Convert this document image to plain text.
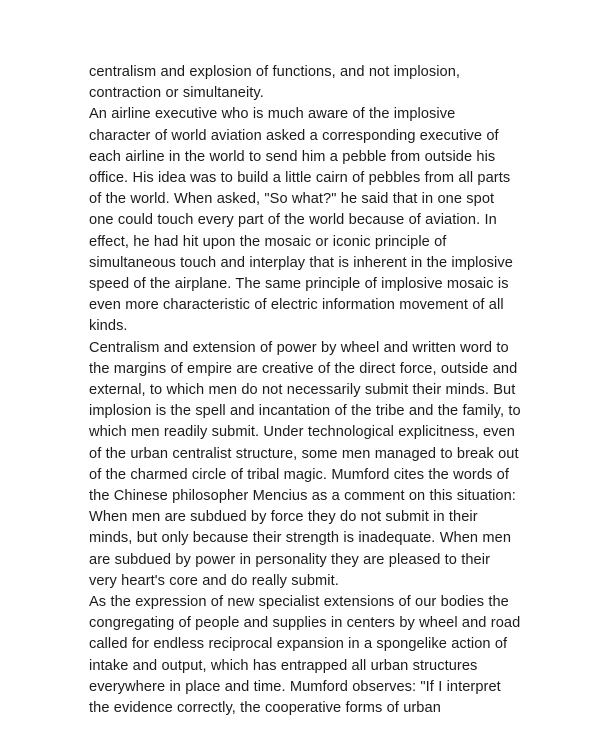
centralism and explosion of functions, and not implosion, contraction or simultaneity.

An airline executive who is much aware of the implosive character of world aviation asked a corresponding executive of each airline in the world to send him a pebble from outside his office. His idea was to build a little cairn of pebbles from all parts of the world. When asked, "So what?" he said that in one spot one could touch every part of the world because of aviation. In effect, he had hit upon the mosaic or iconic principle of simultaneous touch and interplay that is inherent in the implosive speed of the airplane. The same principle of implosive mosaic is even more characteristic of electric information movement of all kinds.

Centralism and extension of power by wheel and written word to the margins of empire are creative of the direct force, outside and external, to which men do not necessarily submit their minds. But implosion is the spell and incantation of the tribe and the family, to which men readily submit. Under technological explicitness, even of the urban centralist structure, some men managed to break out of the charmed circle of tribal magic. Mumford cites the words of the Chinese philosopher Mencius as a comment on this situation:

When men are subdued by force they do not submit in their minds, but only because their strength is inadequate. When men are subdued by power in personality they are pleased to their very heart's core and do really submit.

As the expression of new specialist extensions of our bodies the congregating of people and supplies in centers by wheel and road called for endless reciprocal expansion in a spongelike action of intake and output, which has entrapped all urban structures everywhere in place and time. Mumford observes: "If I interpret the evidence correctly, the cooperative forms of urban
